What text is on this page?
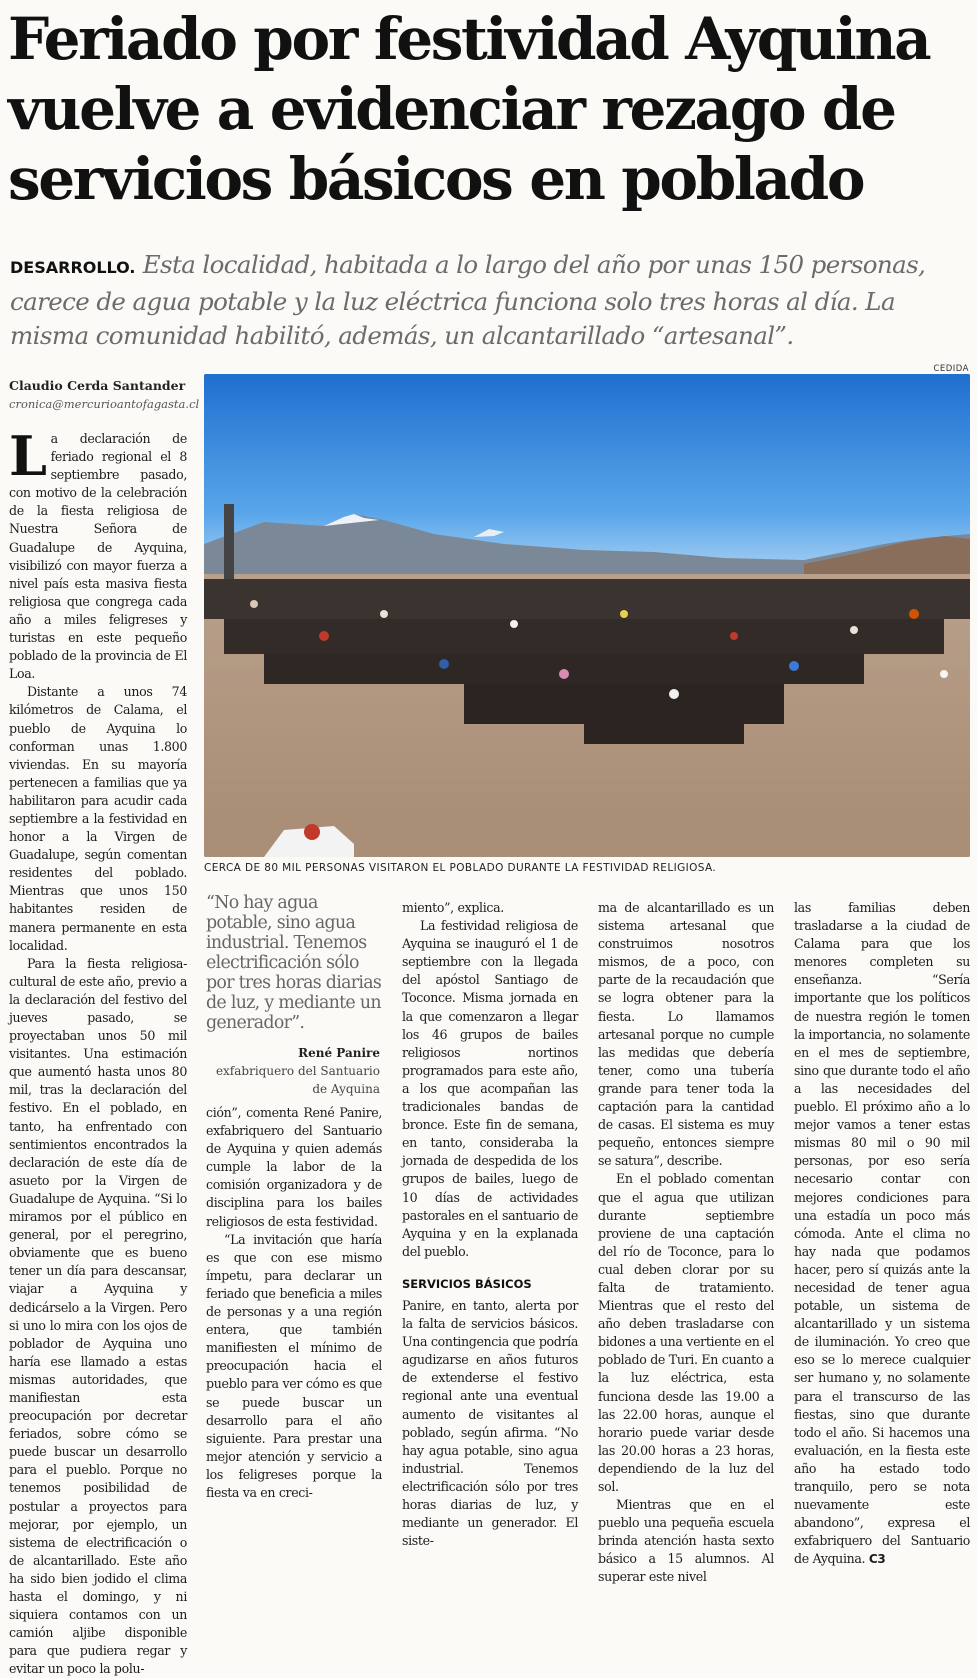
Feriado por festividad Ayquina
vuelve a evidenciar rezago de
servicios básicos en poblado
DESARROLLO. Esta localidad, habitada a lo largo del año por unas 150 personas, carece de agua potable y la luz eléctrica funciona solo tres horas al día. La misma comunidad habilitó, además, un alcantarillado “artesanal”.
Claudio Cerda Santander
cronica@mercurioantofagasta.cl
CEDIDA
CERCA DE 80 MIL PERSONAS VISITARON EL POBLADO DURANTE LA FESTIVIDAD RELIGIOSA.

La declaración de feriado regional el 8 septiembre pasado, con motivo de la celebración de la fiesta religiosa de Nuestra Señora de Guadalupe de Ayquina, visibilizó con mayor fuerza a nivel país esta masiva fiesta religiosa que congrega cada año a miles feligreses y turistas en este pequeño poblado de la provincia de El Loa.

Distante a unos 74 kilómetros de Calama, el pueblo de Ayquina lo conforman unas 1.800 viviendas. En su mayoría pertenecen a familias que ya habilitaron para acudir cada septiembre a la festividad en honor a la Virgen de Guadalupe, según comentan residentes del poblado. Mientras que unos 150 habitantes residen de manera permanente en esta localidad.

Para la fiesta religiosa-cultural de este año, previo a la declaración del festivo del jueves pasado, se proyectaban unos 50 mil visitantes. Una estimación que aumentó hasta unos 80 mil, tras la declaración del festivo. En el poblado, en tanto, ha enfrentado con sentimientos encontrados la declaración de este día de asueto por la Virgen de Guadalupe de Ayquina. “Si lo miramos por el público en general, por el peregrino, obviamente que es bueno tener un día para descansar, viajar a Ayquina y dedicárselo a la Virgen. Pero si uno lo mira con los ojos de poblador de Ayquina uno haría ese llamado a estas mismas autoridades, que manifiestan esta preocupación por decretar feriados, sobre cómo se puede buscar un desarrollo para el pueblo. Porque no tenemos posibilidad de postular a proyectos para mejorar, por ejemplo, un sistema de electrificación o de alcantarillado. Este año ha sido bien jodido el clima hasta el domingo, y ni siquiera contamos con un camión aljibe disponible para que pudiera regar y evitar un poco la polu-

“No hay agua potable, sino agua industrial. Tenemos electrificación sólo por tres horas diarias de luz, y mediante un generador”.
René Panire
exfabriquero del Santuario de Ayquina

ción”, comenta René Panire, exfabriquero del Santuario de Ayquina y quien además cumple la labor de la comisión organizadora y de disciplina para los bailes religiosos de esta festividad.

“La invitación que haría es que con ese mismo ímpetu, para declarar un feriado que beneficia a miles de personas y a una región entera, que también manifiesten el mínimo de preocupación hacia el pueblo para ver cómo es que se puede buscar un desarrollo para el año siguiente. Para prestar una mejor atención y servicio a los feligreses porque la fiesta va en creci-

miento”, explica.

La festividad religiosa de Ayquina se inauguró el 1 de septiembre con la llegada del apóstol Santiago de Toconce. Misma jornada en la que comenzaron a llegar los 46 grupos de bailes religiosos nortinos programados para este año, a los que acompañan las tradicionales bandas de bronce. Este fin de semana, en tanto, consideraba la jornada de despedida de los grupos de bailes, luego de 10 días de actividades pastorales en el santuario de Ayquina y en la explanada del pueblo.

SERVICIOS BÁSICOS

Panire, en tanto, alerta por la falta de servicios básicos. Una contingencia que podría agudizarse en años futuros de extenderse el festivo regional ante una eventual aumento de visitantes al poblado, según afirma. “No hay agua potable, sino agua industrial. Tenemos electrificación sólo por tres horas diarias de luz, y mediante un generador. El siste-

ma de alcantarillado es un sistema artesanal que construimos nosotros mismos, de a poco, con parte de la recaudación que se logra obtener para la fiesta. Lo llamamos artesanal porque no cumple las medidas que debería tener, como una tubería grande para tener toda la captación para la cantidad de casas. El sistema es muy pequeño, entonces siempre se satura”, describe.

En el poblado comentan que el agua que utilizan durante septiembre proviene de una captación del río de Toconce, para lo cual deben clorar por su falta de tratamiento. Mientras que el resto del año deben trasladarse con bidones a una vertiente en el poblado de Turi. En cuanto a la luz eléctrica, esta funciona desde las 19.00 a las 22.00 horas, aunque el horario puede variar desde las 20.00 horas a 23 horas, dependiendo de la luz del sol.

Mientras que en el pueblo una pequeña escuela brinda atención hasta sexto básico a 15 alumnos. Al superar este nivel

las familias deben trasladarse a la ciudad de Calama para que los menores completen su enseñanza. “Sería importante que los políticos de nuestra región le tomen la importancia, no solamente en el mes de septiembre, sino que durante todo el año a las necesidades del pueblo. El próximo año a lo mejor vamos a tener estas mismas 80 mil o 90 mil personas, por eso sería necesario contar con mejores condiciones para una estadía un poco más cómoda. Ante el clima no hay nada que podamos hacer, pero sí quizás ante la necesidad de tener agua potable, un sistema de alcantarillado y un sistema de iluminación. Yo creo que eso se lo merece cualquier ser humano y, no solamente para el transcurso de las fiestas, sino que durante todo el año. Si hacemos una evaluación, en la fiesta este año ha estado todo tranquilo, pero se nota nuevamente este abandono”, expresa el exfabriquero del Santuario de Ayquina. C3
